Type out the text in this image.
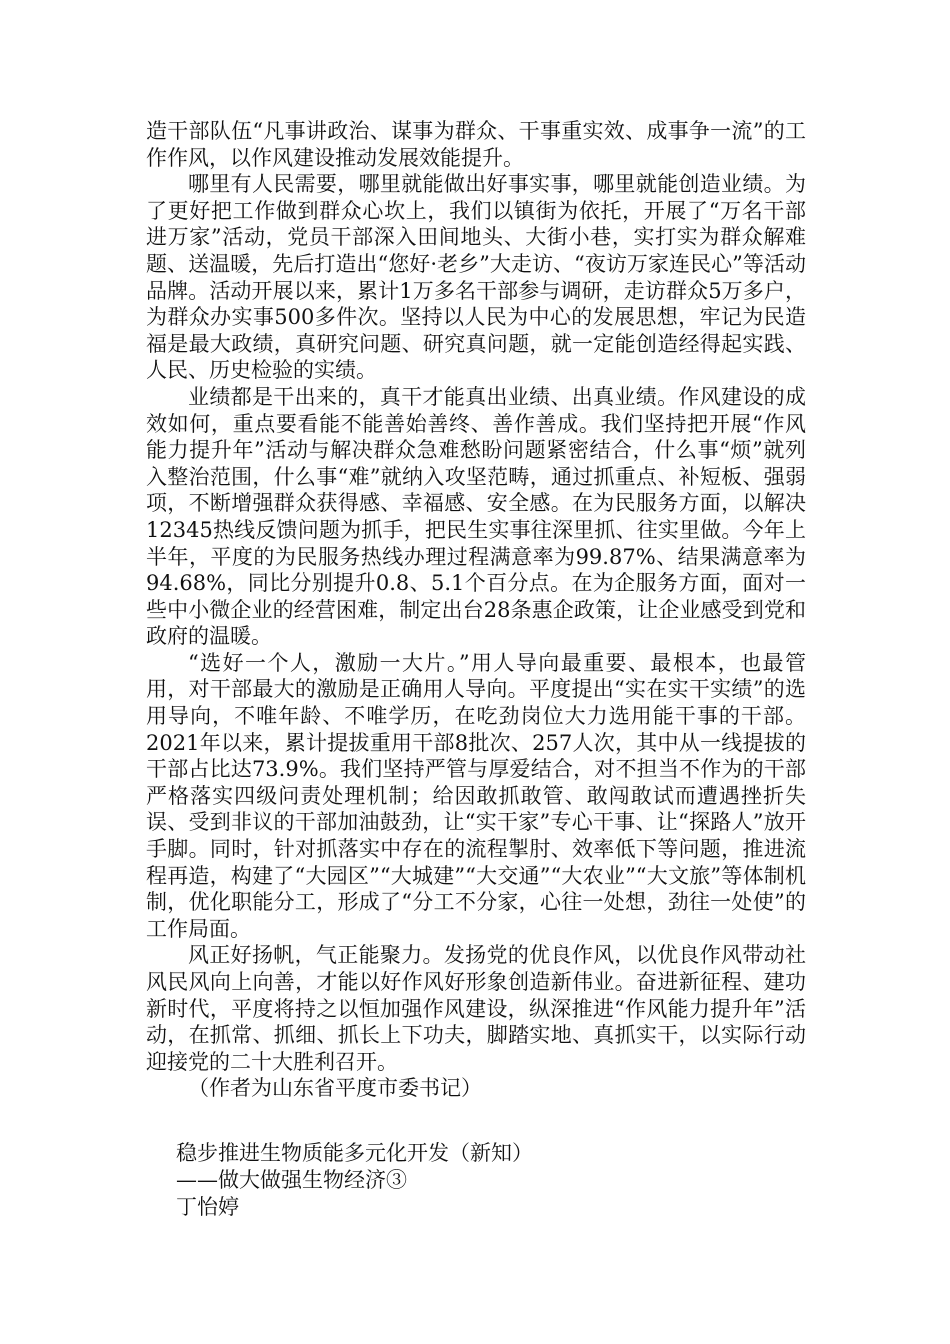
造干部队伍“凡事讲政治、谋事为群众、干事重实效、成事争一流”的工作作风，以作风建设推动发展效能提升。

哪里有人民需要，哪里就能做出好事实事，哪里就能创造业绩。为了更好把工作做到群众心坎上，我们以镇街为依托，开展了“万名干部进万家”活动，党员干部深入田间地头、大街小巷，实打实为群众解难题、送温暖，先后打造出“您好·老乡”大走访、“夜访万家连民心”等活动品牌。活动开展以来，累计1万多名干部参与调研，走访群众5万多户，为群众办实事500多件次。坚持以人民为中心的发展思想，牢记为民造福是最大政绩，真研究问题、研究真问题，就一定能创造经得起实践、人民、历史检验的实绩。

业绩都是干出来的，真干才能真出业绩、出真业绩。作风建设的成效如何，重点要看能不能善始善终、善作善成。我们坚持把开展“作风能力提升年”活动与解决群众急难愁盼问题紧密结合，什么事“烦”就列入整治范围，什么事“难”就纳入攻坚范畴，通过抓重点、补短板、强弱项，不断增强群众获得感、幸福感、安全感。在为民服务方面，以解决12345热线反馈问题为抓手，把民生实事往深里抓、往实里做。今年上半年，平度的为民服务热线办理过程满意率为99.87%、结果满意率为94.68%，同比分别提升0.8、5.1个百分点。在为企服务方面，面对一些中小微企业的经营困难，制定出台28条惠企政策，让企业感受到党和政府的温暖。

“选好一个人，激励一大片。”用人导向最重要、最根本，也最管用，对干部最大的激励是正确用人导向。平度提出“实在实干实绩”的选用导向，不唯年龄、不唯学历，在吃劲岗位大力选用能干事的干部。2021年以来，累计提拔重用干部8批次、257人次，其中从一线提拔的干部占比达73.9%。我们坚持严管与厚爱结合，对不担当不作为的干部严格落实四级问责处理机制；给因敢抓敢管、敢闯敢试而遭遇挫折失误、受到非议的干部加油鼓劲，让“实干家”专心干事、让“探路人”放开手脚。同时，针对抓落实中存在的流程掣肘、效率低下等问题，推进流程再造，构建了“大园区”“大城建”“大交通”“大农业”“大文旅”等体制机制，优化职能分工，形成了“分工不分家，心往一处想，劲往一处使”的工作局面。

风正好扬帆，气正能聚力。发扬党的优良作风，以优良作风带动社风民风向上向善，才能以好作风好形象创造新伟业。奋进新征程、建功新时代，平度将持之以恒加强作风建设，纵深推进“作风能力提升年”活动，在抓常、抓细、抓长上下功夫，脚踏实地、真抓实干，以实际行动迎接党的二十大胜利召开。

（作者为山东省平度市委书记）

稳步推进生物质能多元化开发（新知）

——做大做强生物经济③

丁怡婷
